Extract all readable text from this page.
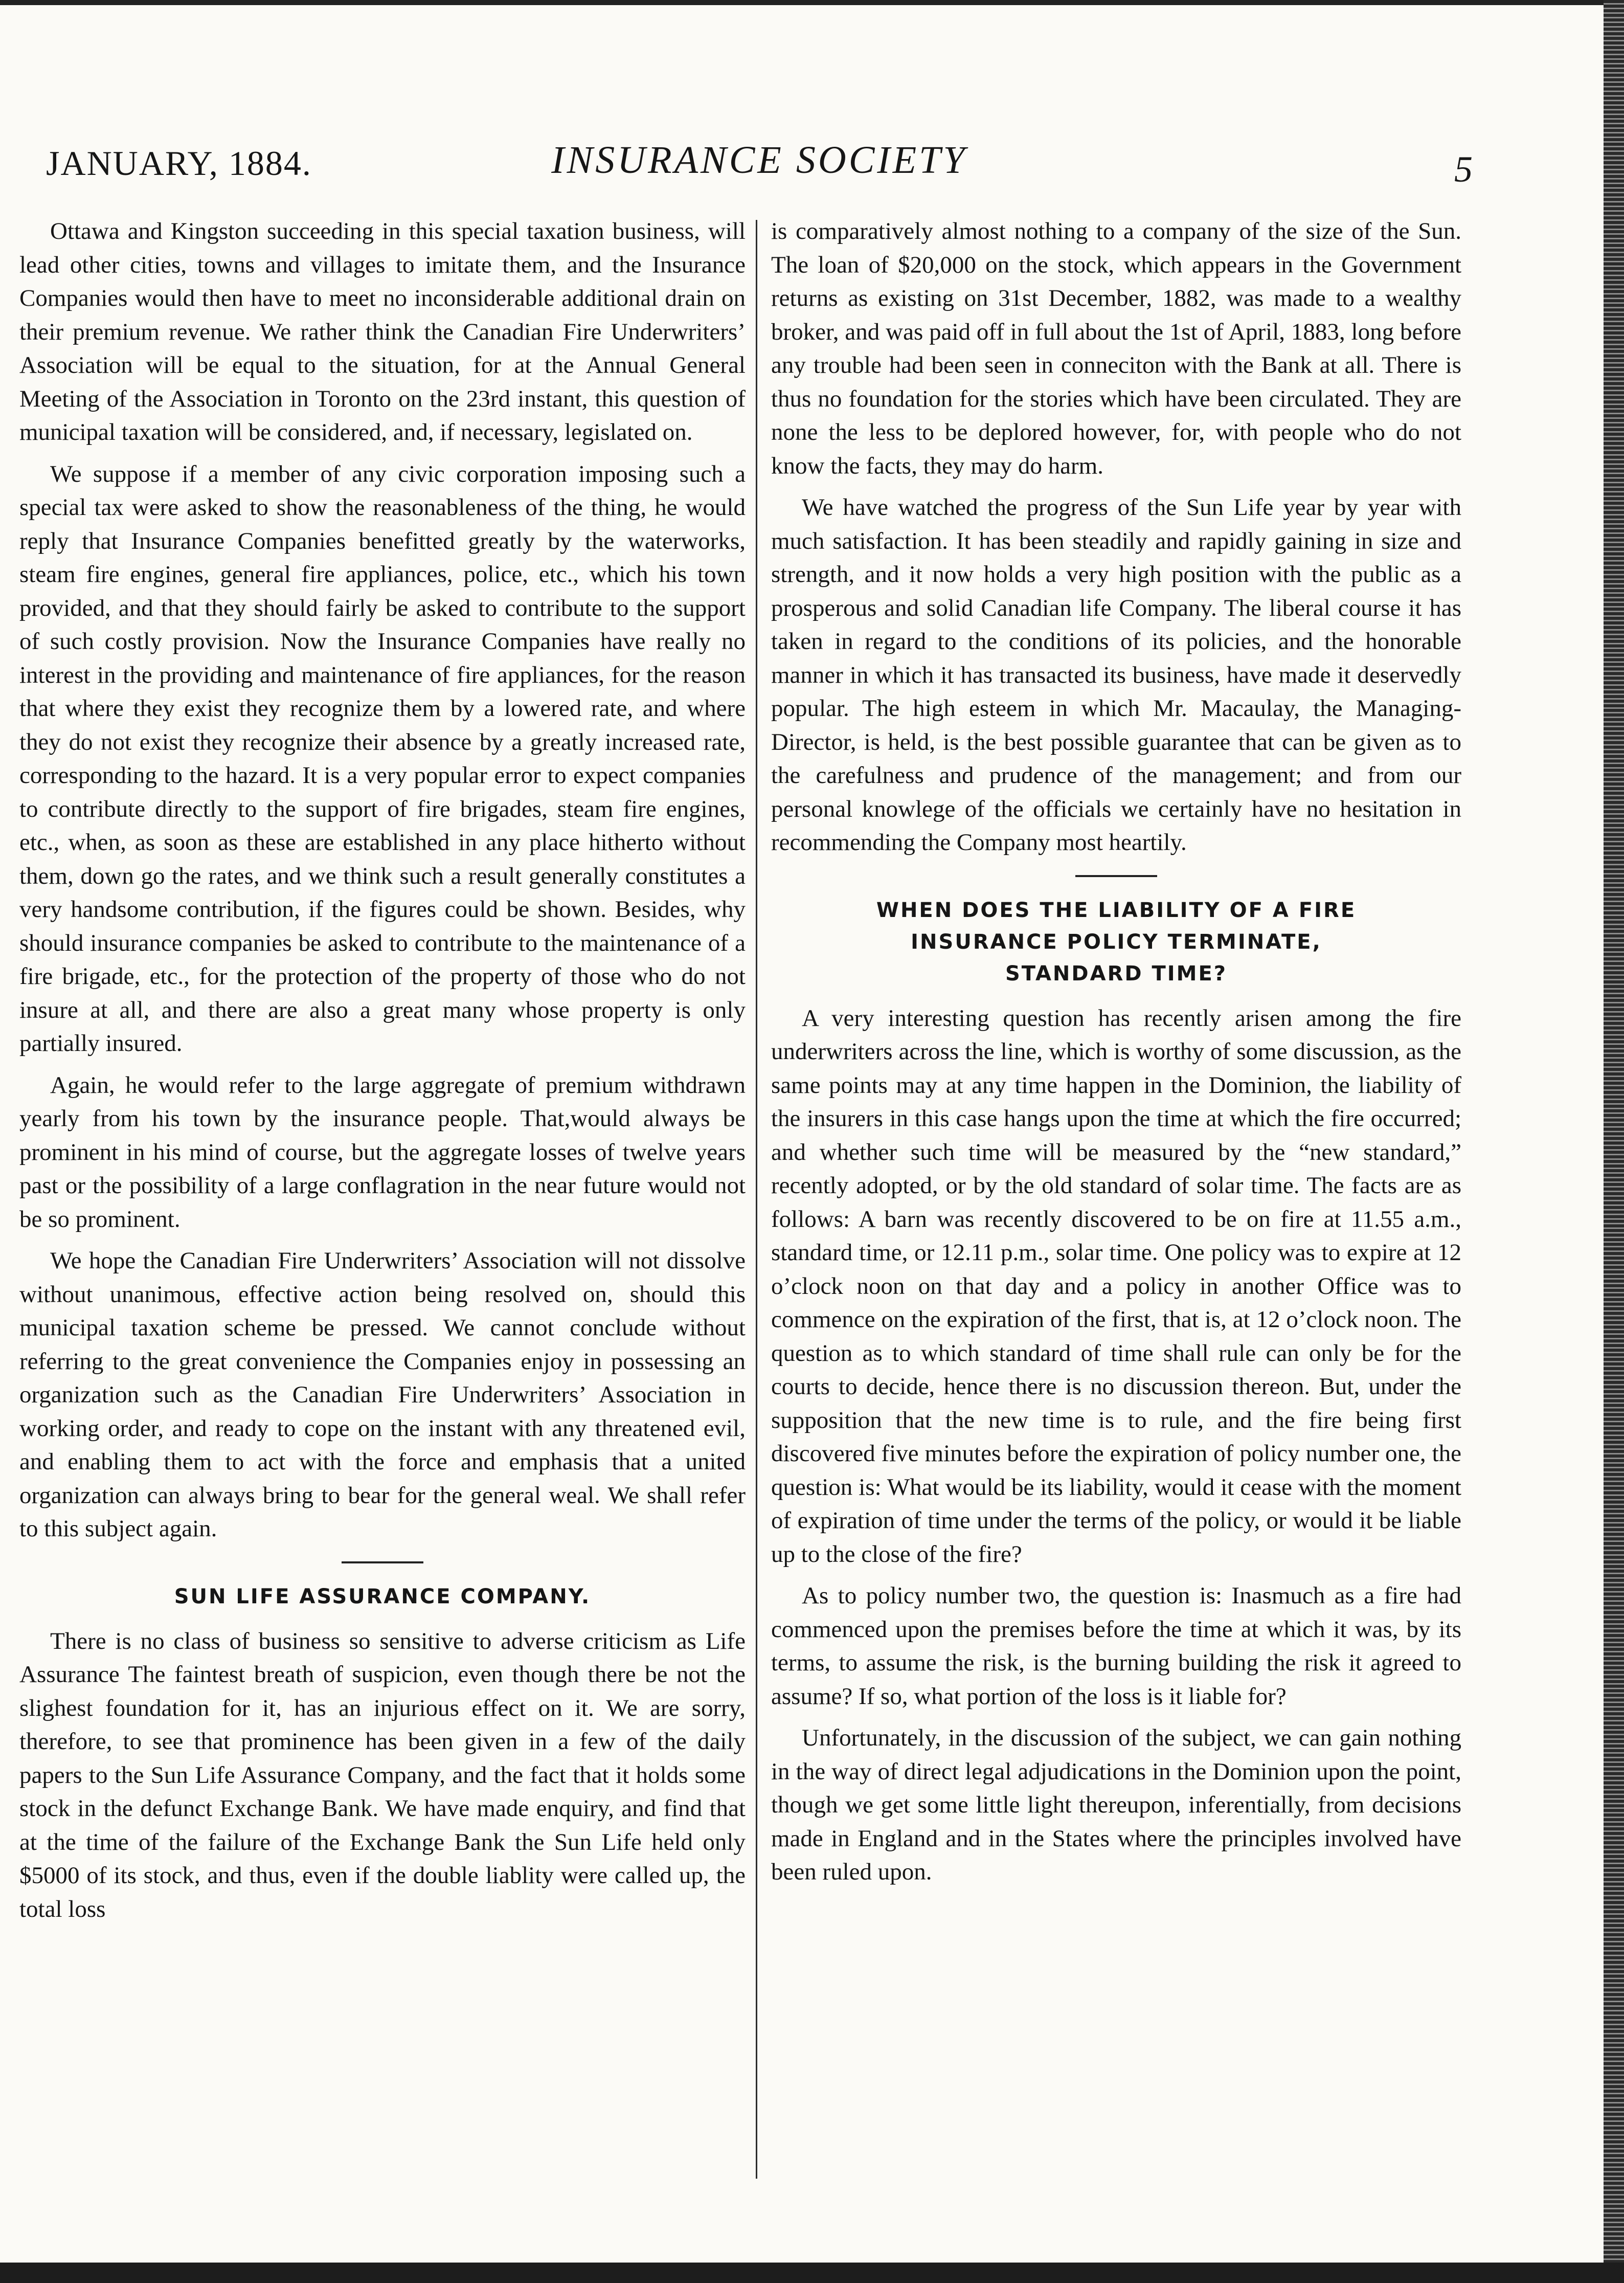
JANUARY, 1884.	INSURANCE SOCIETY	5

Ottawa and Kingston succeeding in this special taxation business, will lead other cities, towns and villages to imitate them, and the Insurance Companies would then have to meet no inconsiderable additional drain on their premium revenue. We rather think the Canadian Fire Underwriters’ Association will be equal to the situation, for at the Annual General Meeting of the Association in Toronto on the 23rd instant, this question of municipal taxation will be considered, and, if necessary, legislated on.

We suppose if a member of any civic corporation imposing such a special tax were asked to show the reasonableness of the thing, he would reply that Insurance Companies benefitted greatly by the waterworks, steam fire engines, general fire appliances, police, etc., which his town provided, and that they should fairly be asked to contribute to the support of such costly provision. Now the Insurance Companies have really no interest in the providing and maintenance of fire appliances, for the reason that where they exist they recognize them by a lowered rate, and where they do not exist they recognize their absence by a greatly increased rate, corresponding to the hazard. It is a very popular error to expect companies to contribute directly to the support of fire brigades, steam fire engines, etc., when, as soon as these are established in any place hitherto without them, down go the rates, and we think such a result generally constitutes a very handsome contribution, if the figures could be shown. Besides, why should insurance companies be asked to contribute to the maintenance of a fire brigade, etc., for the protection of the property of those who do not insure at all, and there are also a great many whose property is only partially insured.

Again, he would refer to the large aggregate of premium withdrawn yearly from his town by the insurance people. That,would always be prominent in his mind of course, but the aggregate losses of twelve years past or the possibility of a large conflagration in the near future would not be so prominent.

We hope the Canadian Fire Underwriters’ Association will not dissolve without unanimous, effective action being resolved on, should this municipal taxation scheme be pressed. We cannot conclude without referring to the great convenience the Companies enjoy in possessing an organization such as the Canadian Fire Underwriters’ Association in working order, and ready to cope on the instant with any threatened evil, and enabling them to act with the force and emphasis that a united organization can always bring to bear for the general weal. We shall refer to this subject again.

SUN LIFE ASSURANCE COMPANY.

There is no class of business so sensitive to adverse criticism as Life Assurance The faintest breath of suspicion, even though there be not the slighest foundation for it, has an injurious effect on it. We are sorry, therefore, to see that prominence has been given in a few of the daily papers to the Sun Life Assurance Company, and the fact that it holds some stock in the defunct Exchange Bank. We have made enquiry, and find that at the time of the failure of the Exchange Bank the Sun Life held only $5000 of its stock, and thus, even if the double liablity were called up, the total loss

is comparatively almost nothing to a company of the size of the Sun. The loan of $20,000 on the stock, which appears in the Government returns as existing on 31st December, 1882, was made to a wealthy broker, and was paid off in full about the 1st of April, 1883, long before any trouble had been seen in conneciton with the Bank at all. There is thus no foundation for the stories which have been circulated. They are none the less to be deplored however, for, with people who do not know the facts, they may do harm.

We have watched the progress of the Sun Life year by year with much satisfaction. It has been steadily and rapidly gaining in size and strength, and it now holds a very high position with the public as a prosperous and solid Canadian life Company. The liberal course it has taken in regard to the conditions of its policies, and the honorable manner in which it has transacted its business, have made it deservedly popular. The high esteem in which Mr. Macaulay, the Managing-Director, is held, is the best possible guarantee that can be given as to the carefulness and prudence of the management; and from our personal knowlege of the officials we certainly have no hesitation in recommending the Company most heartily.

WHEN DOES THE LIABILITY OF A FIRE
INSURANCE POLICY TERMINATE,
STANDARD TIME?

A very interesting question has recently arisen among the fire underwriters across the line, which is worthy of some discussion, as the same points may at any time happen in the Dominion, the liability of the insurers in this case hangs upon the time at which the fire occurred; and whether such time will be measured by the “new standard,” recently adopted, or by the old standard of solar time. The facts are as follows: A barn was recently discovered to be on fire at 11.55 a.m., standard time, or 12.11 p.m., solar time. One policy was to expire at 12 o’clock noon on that day and a policy in another Office was to commence on the expiration of the first, that is, at 12 o’clock noon. The question as to which standard of time shall rule can only be for the courts to decide, hence there is no discussion thereon. But, under the supposition that the new time is to rule, and the fire being first discovered five minutes before the expiration of policy number one, the question is: What would be its liability, would it cease with the moment of expiration of time under the terms of the policy, or would it be liable up to the close of the fire?

As to policy number two, the question is: Inasmuch as a fire had commenced upon the premises before the time at which it was, by its terms, to assume the risk, is the burning building the risk it agreed to assume? If so, what portion of the loss is it liable for?

Unfortunately, in the discussion of the subject, we can gain nothing in the way of direct legal adjudications in the Dominion upon the point, though we get some little light thereupon, inferentially, from decisions made in England and in the States where the principles involved have been ruled upon.
